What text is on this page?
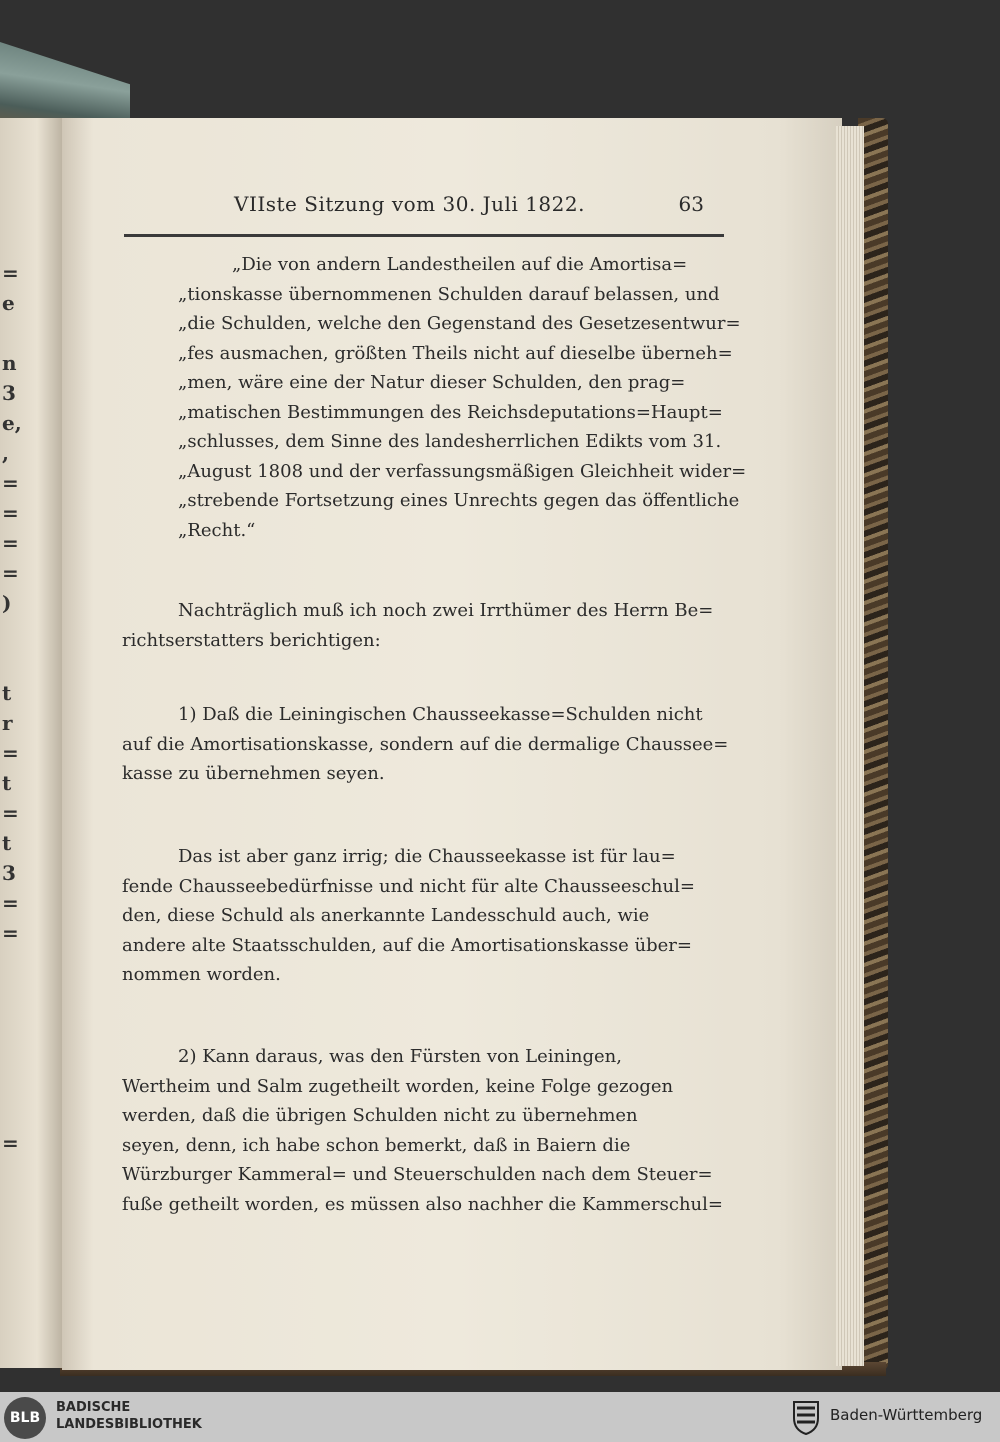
=
e

n
3
e,
,
=
=
=
=
)

t
r
=
t
=
t
3
=
=

=
VIIste Sitzung vom 30. Juli 1822.	63
„Die von andern Landestheilen auf die Amortisa=
„tionskasse übernommenen Schulden darauf belassen, und
„die Schulden, welche den Gegenstand des Gesetzesentwur=
„fes ausmachen, größten Theils nicht auf dieselbe überneh=
„men, wäre eine der Natur dieser Schulden, den prag=
„matischen Bestimmungen des Reichsdeputations=Haupt=
„schlusses, dem Sinne des landesherrlichen Edikts vom 31.
„August 1808 und der verfassungsmäßigen Gleichheit wider=
„strebende Fortsetzung eines Unrechts gegen das öffentliche
„Recht.“
Nachträglich muß ich noch zwei Irrthümer des Herrn Be=
richtserstatters berichtigen:
1) Daß die Leiningischen Chausseekasse=Schulden nicht
auf die Amortisationskasse, sondern auf die dermalige Chaussee=
kasse zu übernehmen seyen.
Das ist aber ganz irrig; die Chausseekasse ist für lau=
fende Chausseebedürfnisse und nicht für alte Chausseeschul=
den, diese Schuld als anerkannte Landesschuld auch, wie
andere alte Staatsschulden, auf die Amortisationskasse über=
nommen worden.
2) Kann daraus, was den Fürsten von Leiningen,
Wertheim und Salm zugetheilt worden, keine Folge gezogen
werden, daß die übrigen Schulden nicht zu übernehmen
seyen, denn, ich habe schon bemerkt, daß in Baiern die
Würzburger Kammeral= und Steuerschulden nach dem Steuer=
fuße getheilt worden, es müssen also nachher die Kammerschul=
BLB
BADISCHE
LANDESBIBLIOTHEK
Baden-Württemberg
